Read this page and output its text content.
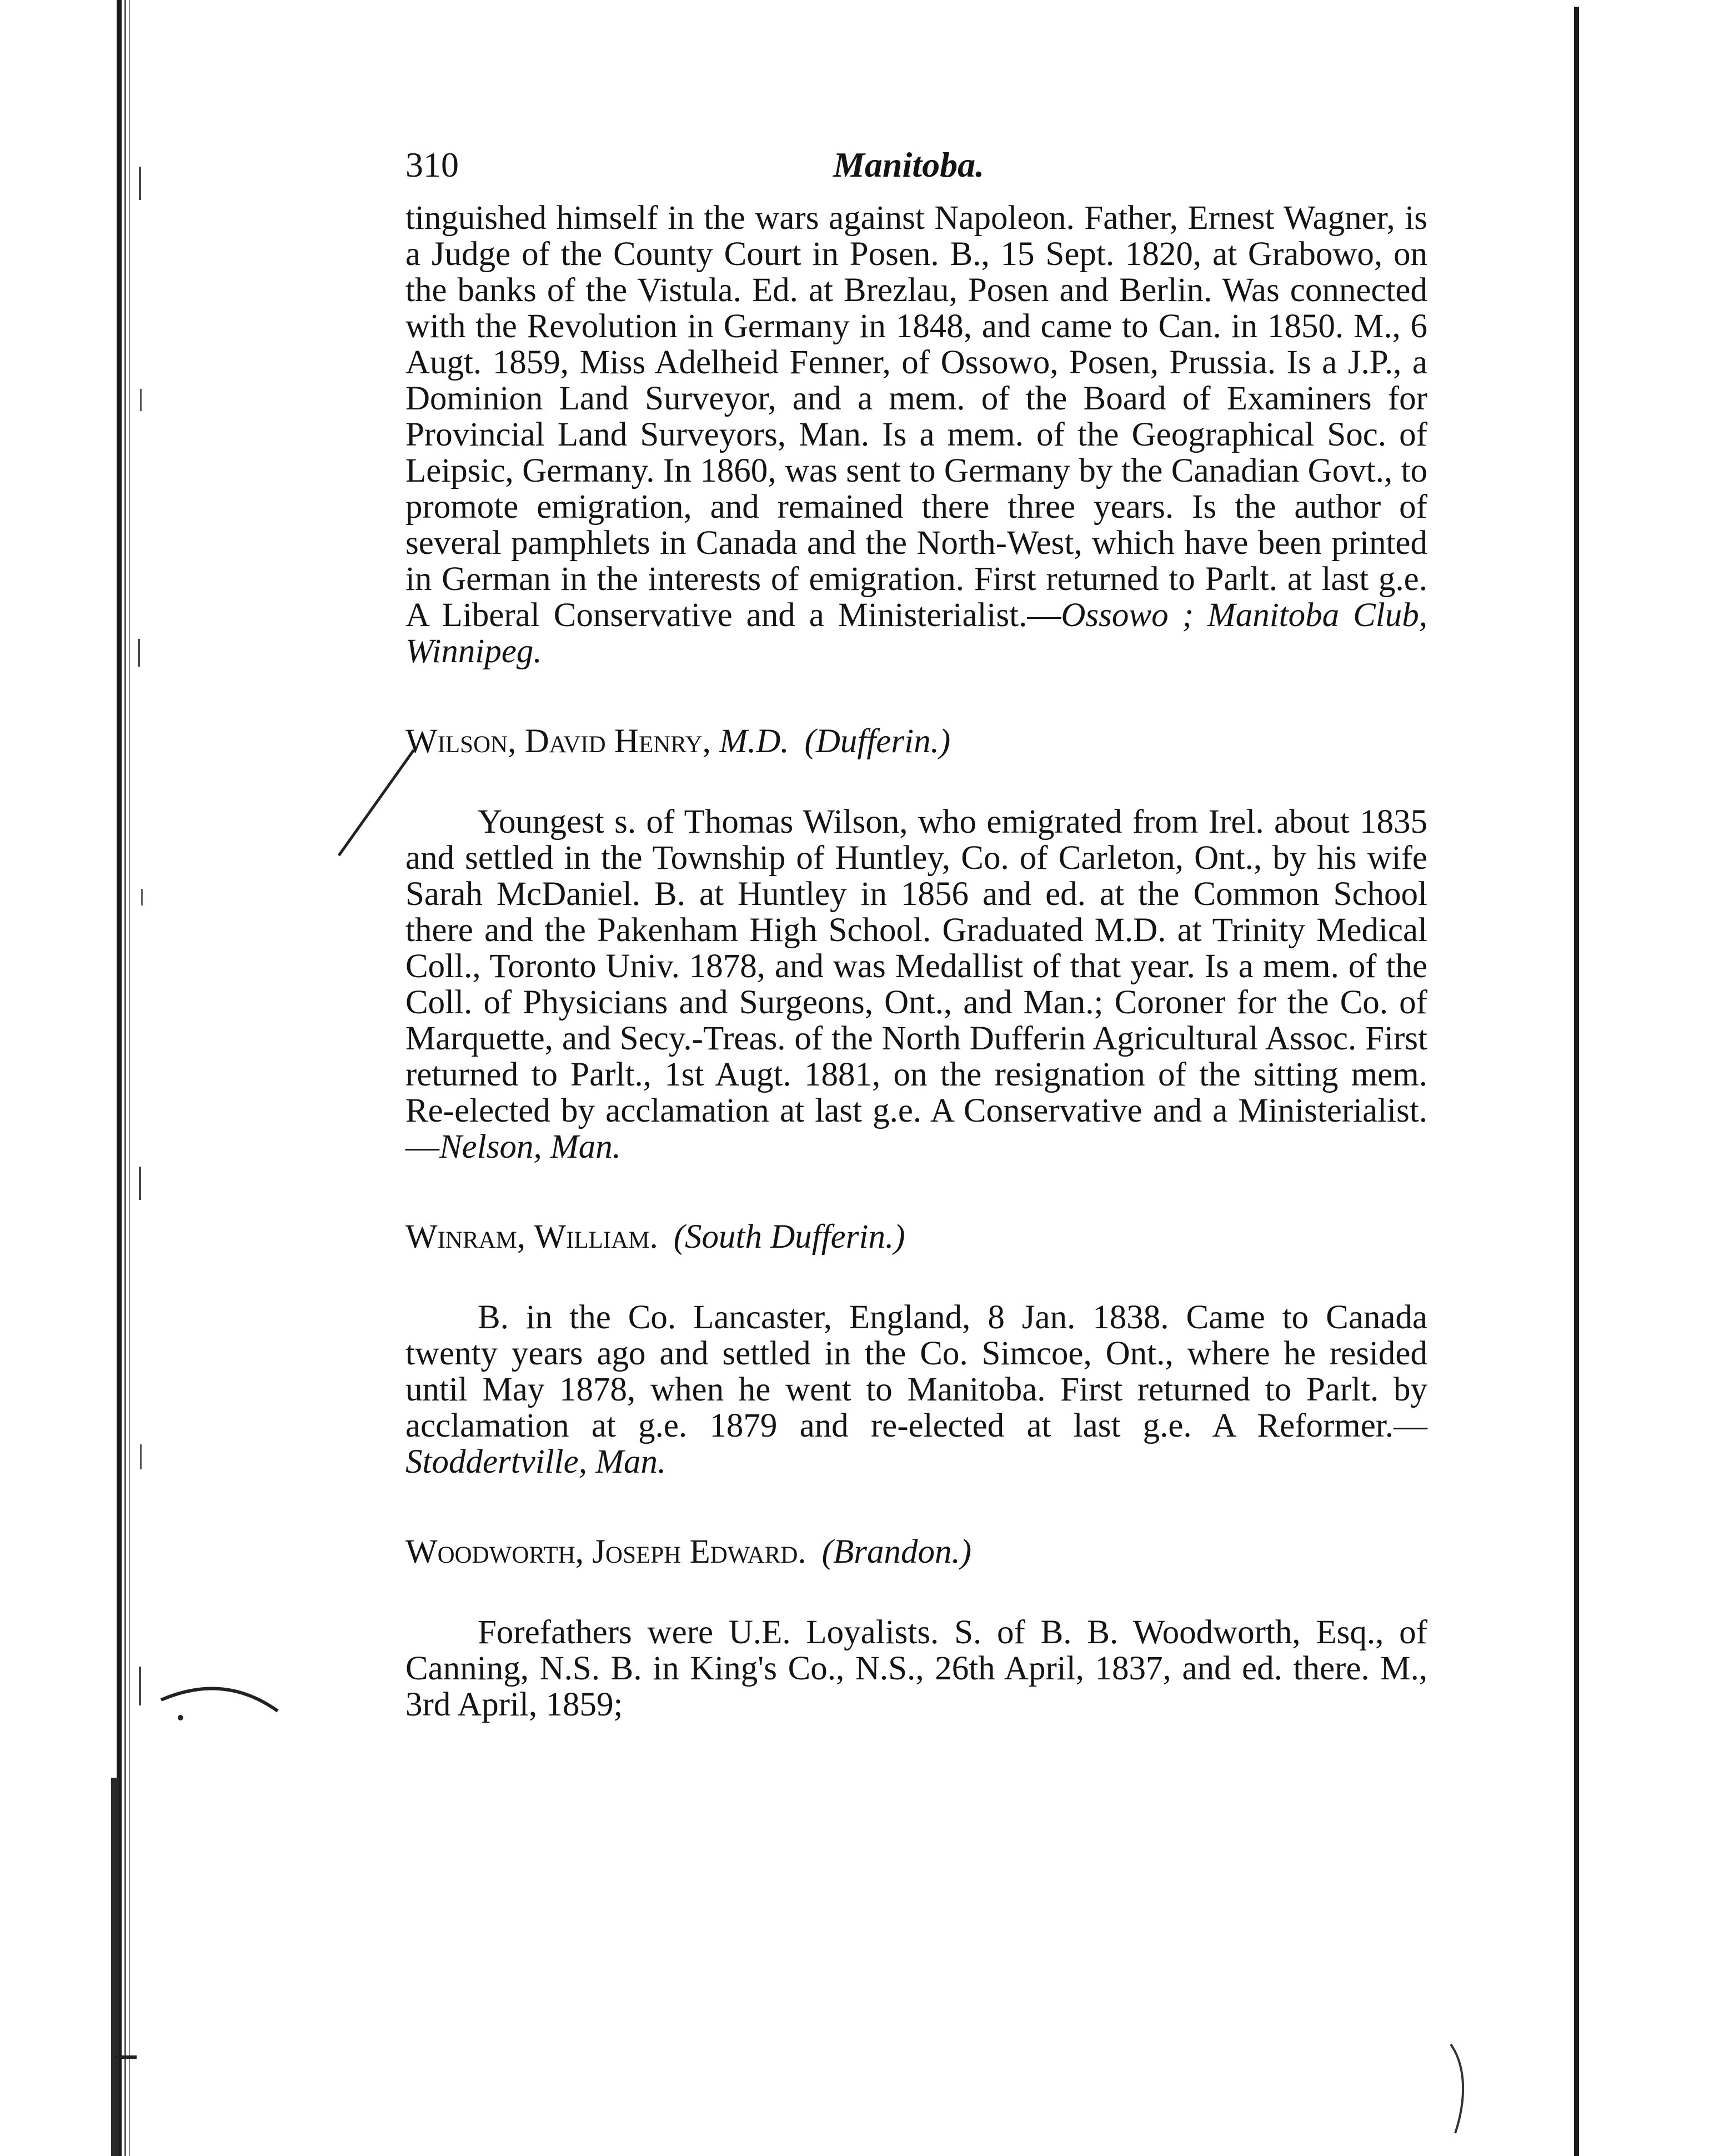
310	Manitoba.

tinguished himself in the wars against Napoleon. Father, Ernest Wagner, is a Judge of the County Court in Posen. B., 15 Sept. 1820, at Grabowo, on the banks of the Vistula. Ed. at Brezlau, Posen and Berlin. Was connected with the Revolution in Germany in 1848, and came to Can. in 1850. M., 6 Augt. 1859, Miss Adelheid Fenner, of Ossowo, Posen, Prussia. Is a J.P., a Dominion Land Surveyor, and a mem. of the Board of Examiners for Provincial Land Surveyors, Man. Is a mem. of the Geographical Soc. of Leipsic, Germany. In 1860, was sent to Germany by the Canadian Govt., to promote emigration, and remained there three years. Is the author of several pamphlets in Canada and the North-West, which have been printed in German in the interests of emigration. First returned to Parlt. at last g.e. A Liberal Conservative and a Ministerialist.—Ossowo ; Manitoba Club, Winnipeg.

Wilson, David Henry, M.D. (Dufferin.)

Youngest s. of Thomas Wilson, who emigrated from Irel. about 1835 and settled in the Township of Huntley, Co. of Carleton, Ont., by his wife Sarah McDaniel. B. at Huntley in 1856 and ed. at the Common School there and the Pakenham High School. Graduated M.D. at Trinity Medical Coll., Toronto Univ. 1878, and was Medallist of that year. Is a mem. of the Coll. of Physicians and Surgeons, Ont., and Man.; Coroner for the Co. of Marquette, and Secy.-Treas. of the North Dufferin Agricultural Assoc. First returned to Parlt., 1st Augt. 1881, on the resignation of the sitting mem. Re-elected by acclamation at last g.e. A Conservative and a Ministerialist.—Nelson, Man.

Winram, William. (South Dufferin.)

B. in the Co. Lancaster, England, 8 Jan. 1838. Came to Canada twenty years ago and settled in the Co. Simcoe, Ont., where he resided until May 1878, when he went to Manitoba. First returned to Parlt. by acclamation at g.e. 1879 and re-elected at last g.e. A Reformer.—Stoddertville, Man.

Woodworth, Joseph Edward. (Brandon.)

Forefathers were U.E. Loyalists. S. of B. B. Woodworth, Esq., of Canning, N.S. B. in King's Co., N.S., 26th April, 1837, and ed. there. M., 3rd April, 1859;
